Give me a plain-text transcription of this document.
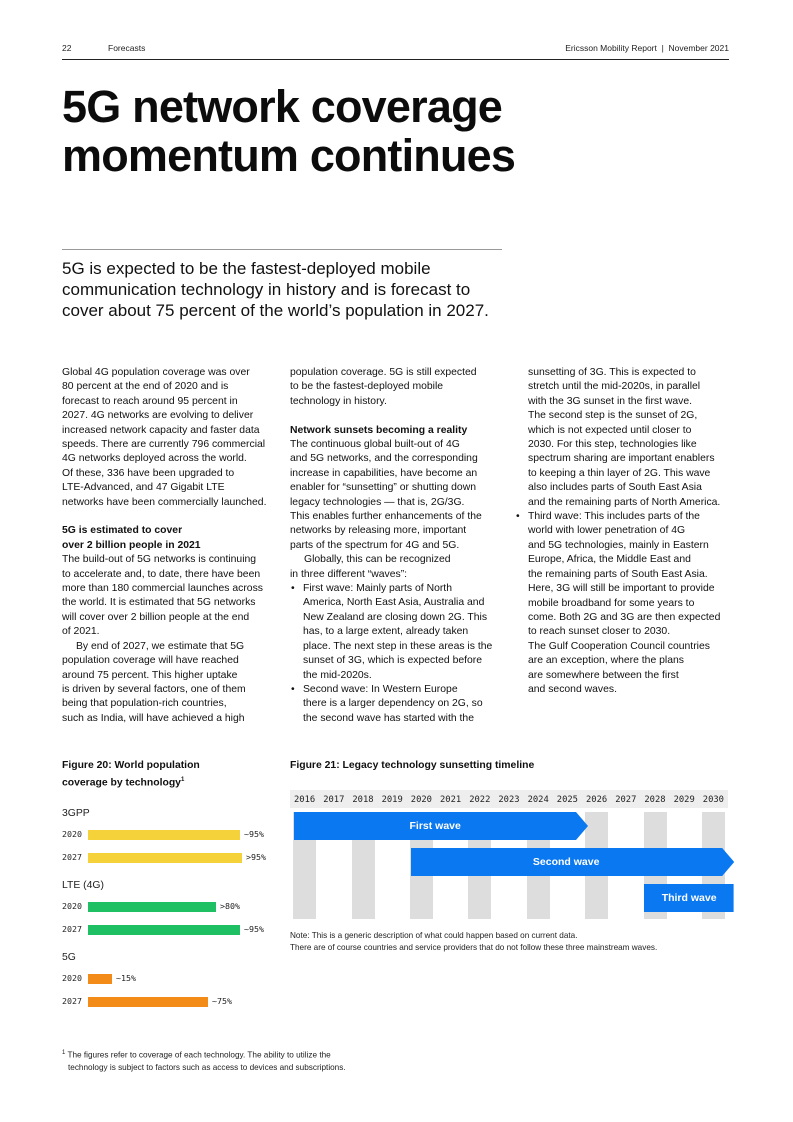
22	Forecasts	Ericsson Mobility Report  |  November 2021
5G network coverage
momentum continues

5G is expected to be the fastest-deployed mobile
communication technology in history and is forecast to
cover about 75 percent of the world’s population in 2027.

Global 4G population coverage was over
80 percent at the end of 2020 and is
forecast to reach around 95 percent in
2027. 4G networks are evolving to deliver
increased network capacity and faster data
speeds. There are currently 796 commercial
4G networks deployed across the world.
Of these, 336 have been upgraded to
LTE-Advanced, and 47 Gigabit LTE
networks have been commercially launched.
5G is estimated to cover
over 2 billion people in 2021
The build-out of 5G networks is continuing
to accelerate and, to date, there have been
more than 180 commercial launches across
the world. It is estimated that 5G networks
will cover over 2 billion people at the end
of 2021.
By end of 2027, we estimate that 5G
population coverage will have reached
around 75 percent. This higher uptake
is driven by several factors, one of them
being that population-rich countries,
such as India, will have achieved a high
population coverage. 5G is still expected
to be the fastest-deployed mobile
technology in history.
Network sunsets becoming a reality
The continuous global built-out of 4G
and 5G networks, and the corresponding
increase in capabilities, have become an
enabler for “sunsetting” or shutting down
legacy technologies — that is, 2G/3G.
This enables further enhancements of the
networks by releasing more, important
parts of the spectrum for 4G and 5G.
Globally, this can be recognized
in three different “waves”:
• First wave: Mainly parts of North
America, North East Asia, Australia and
New Zealand are closing down 2G. This
has, to a large extent, already taken
place. The next step in these areas is the
sunset of 3G, which is expected before
the mid-2020s.
• Second wave: In Western Europe
there is a larger dependency on 2G, so
the second wave has started with the
sunsetting of 3G. This is expected to
stretch until the mid-2020s, in parallel
with the 3G sunset in the first wave.
The second step is the sunset of 2G,
which is not expected until closer to
2030. For this step, technologies like
spectrum sharing are important enablers
to keeping a thin layer of 2G. This wave
also includes parts of South East Asia
and the remaining parts of North America.
• Third wave: This includes parts of the
world with lower penetration of 4G
and 5G technologies, mainly in Eastern
Europe, Africa, the Middle East and
the remaining parts of South East Asia.
Here, 3G will still be important to provide
mobile broadband for some years to
come. Both 2G and 3G are then expected
to reach sunset closer to 2030.
The Gulf Cooperation Council countries
are an exception, where the plans
are somewhere between the first
and second waves.
Figure 20: World population
coverage by technology$^1$
3GPP
2020	~95%
2027	>95%
LTE (4G)
2020	>80%
2027	~95%
5G
2020	~15%
2027	~75%
Figure 21: Legacy technology sunsetting timeline
2016 2017 2018 2019 2020 2021 2022 2023 2024 2025 2026 2027 2028 2029 2030
First wave
Second wave
Third wave
Note: This is a generic description of what could happen based on current data.
There are of course countries and service providers that do not follow these three mainstream waves.
$^1$ The figures refer to coverage of each technology. The ability to utilize the
technology is subject to factors such as access to devices and subscriptions.
